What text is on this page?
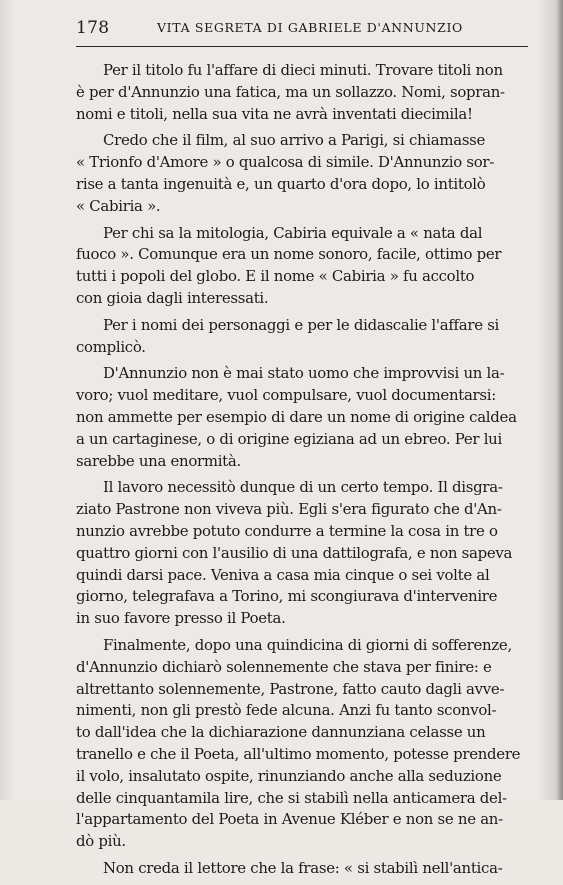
178	VITA SEGRETA DI GABRIELE D'ANNUNZIO
Per il titolo fu l'affare di dieci minuti. Trovare titoli non
è per d'Annunzio una fatica, ma un sollazzo. Nomi, sopran-
nomi e titoli, nella sua vita ne avrà inventati diecimila!
Credo che il film, al suo arrivo a Parigi, si chiamasse
« Trionfo d'Amore » o qualcosa di simile. D'Annunzio sor-
rise a tanta ingenuità e, un quarto d'ora dopo, lo intitolò
« Cabiria ».
Per chi sa la mitologia, Cabiria equivale a « nata dal
fuoco ». Comunque era un nome sonoro, facile, ottimo per
tutti i popoli del globo. E il nome « Cabiria » fu accolto
con gioia dagli interessati.
Per i nomi dei personaggi e per le didascalie l'affare si
complicò.
D'Annunzio non è mai stato uomo che improvvisi un la-
voro; vuol meditare, vuol compulsare, vuol documentarsi:
non ammette per esempio di dare un nome di origine caldea
a un cartaginese, o di origine egiziana ad un ebreo. Per lui
sarebbe una enormità.
Il lavoro necessitò dunque di un certo tempo. Il disgra-
ziato Pastrone non viveva più. Egli s'era figurato che d'An-
nunzio avrebbe potuto condurre a termine la cosa in tre o
quattro giorni con l'ausilio di una dattilografa, e non sapeva
quindi darsi pace. Veniva a casa mia cinque o sei volte al
giorno, telegrafava a Torino, mi scongiurava d'intervenire
in suo favore presso il Poeta.
Finalmente, dopo una quindicina di giorni di sofferenze,
d'Annunzio dichiarò solennemente che stava per finire: e
altrettanto solennemente, Pastrone, fatto cauto dagli avve-
nimenti, non gli prestò fede alcuna. Anzi fu tanto sconvol-
to dall'idea che la dichiarazione dannunziana celasse un
tranello e che il Poeta, all'ultimo momento, potesse prendere
il volo, insalutato ospite, rinunziando anche alla seduzione
delle cinquantamila lire, che si stabilì nella anticamera del-
l'appartamento del Poeta in Avenue Kléber e non se ne an-
dò più.
Non creda il lettore che la frase: « si stabilì nell'antica-
